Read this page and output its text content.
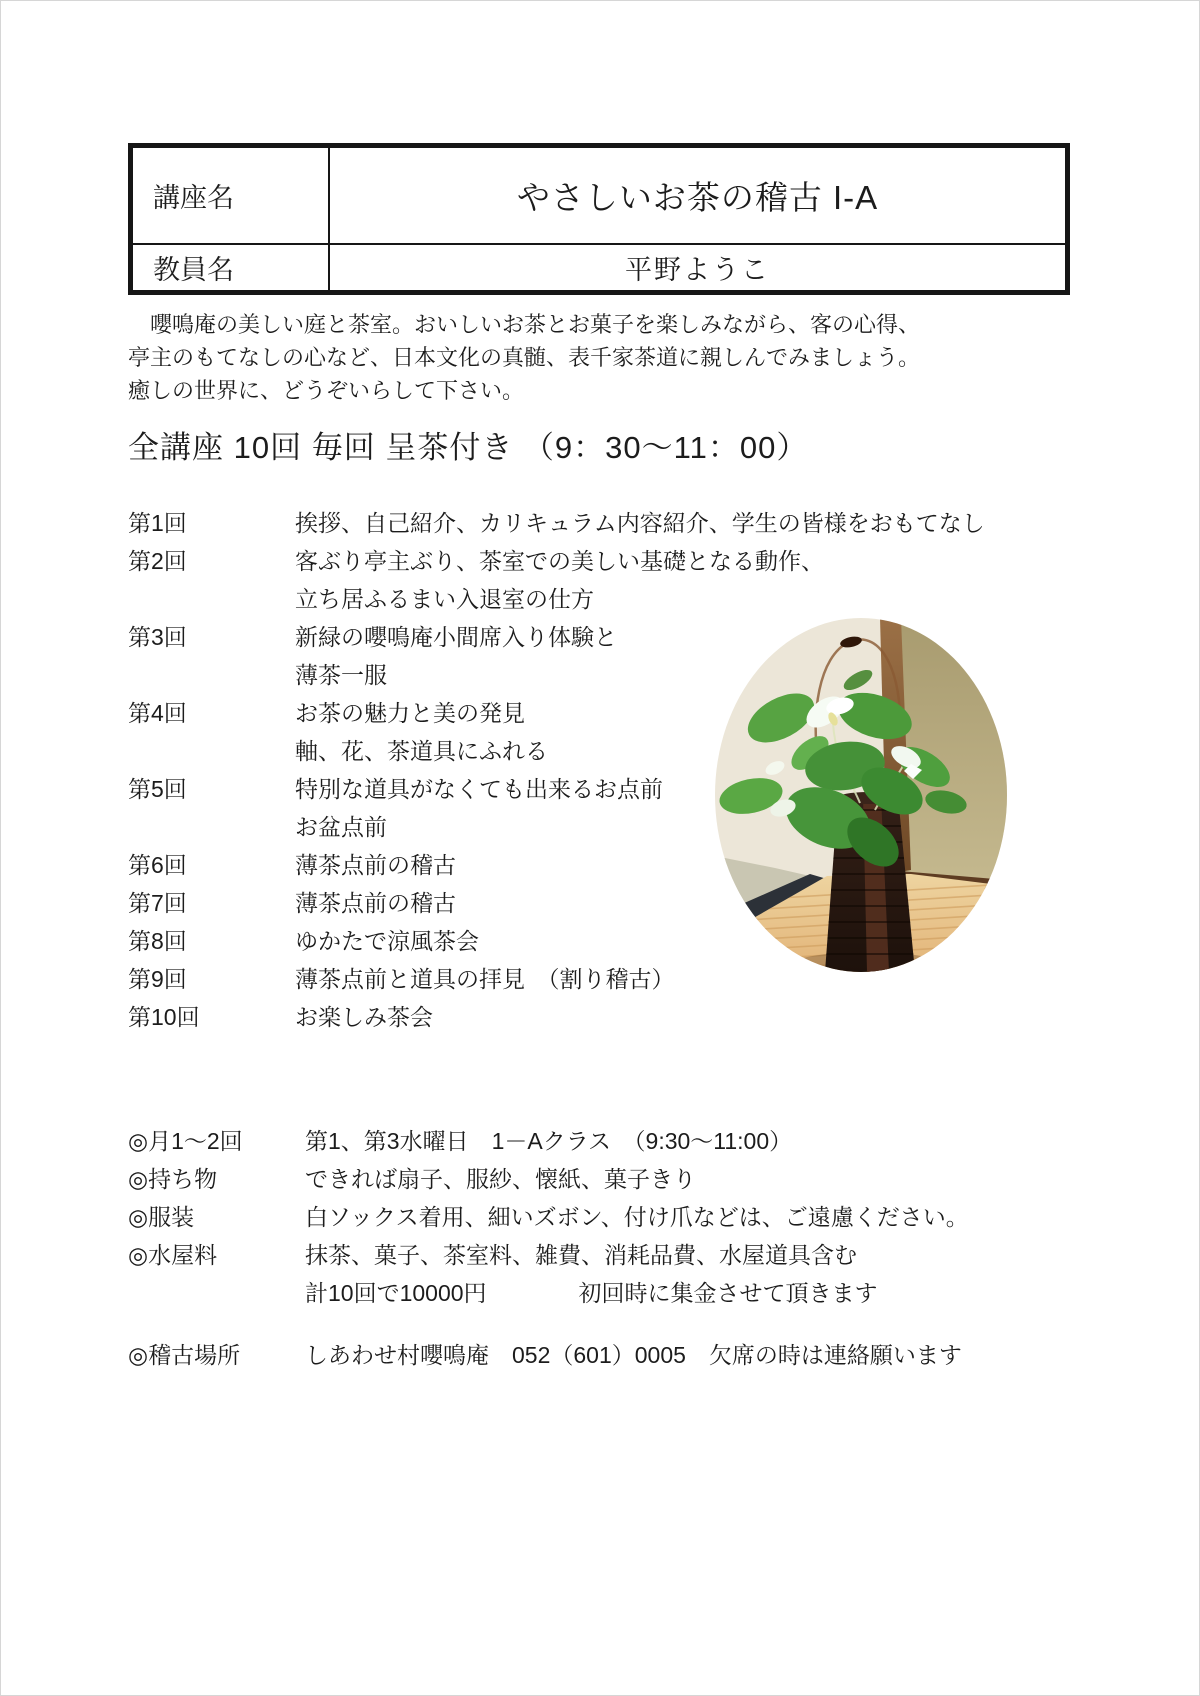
講座名	やさしいお茶の稽古 I-A
教員名	平野ようこ
　嚶鳴庵の美しい庭と茶室。おいしいお茶とお菓子を楽しみながら、客の心得、
亭主のもてなしの心など、日本文化の真髄、表千家茶道に親しんでみましょう。
癒しの世界に、どうぞいらして下さい。
全講座 10回 毎回 呈茶付き （9：30～11：00）
第1回	挨拶、自己紹介、カリキュラム内容紹介、学生の皆様をおもてなし
第2回	客ぶり亭主ぶり、茶室での美しい基礎となる動作、
立ち居ふるまい入退室の仕方
第3回	新緑の嚶鳴庵小間席入り体験と
薄茶一服
第4回	お茶の魅力と美の発見
軸、花、茶道具にふれる
第5回	特別な道具がなくても出来るお点前
お盆点前
第6回	薄茶点前の稽古
第7回	薄茶点前の稽古
第8回	ゆかたで涼風茶会
第9回	薄茶点前と道具の拝見　（割り稽古）
第10回	お楽しみ茶会
◎月1～2回	第1、第3水曜日　1－Aクラス　（9:30～11:00）
◎持ち物	できれば扇子、服紗、懐紙、菓子きり
◎服装	白ソックス着用、細いズボン、付け爪などは、ご遠慮ください。
◎水屋料	抹茶、菓子、茶室料、雑費、消耗品費、水屋道具含む
計10回で10000円　　　　初回時に集金させて頂きます
◎稽古場所	しあわせ村嚶鳴庵　052（601）0005　欠席の時は連絡願います
